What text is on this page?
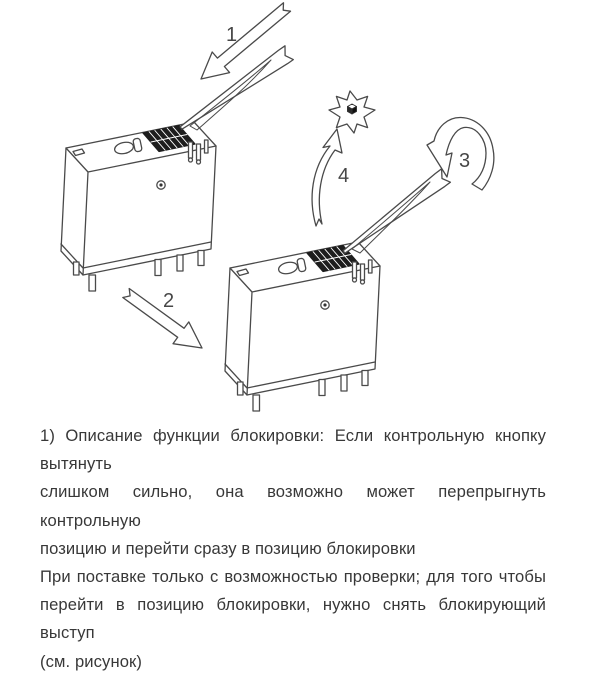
1
2
3
4
1) Описание функции блокировки: Если контрольную кнопку вытянуть
слишком сильно, она возможно может перепрыгнуть контрольную
позицию и перейти сразу в позицию блокировки
При поставке только с возможностью проверки; для того чтобы
перейти в позицию блокировки, нужно снять блокирующий выступ
(см. рисунок)
